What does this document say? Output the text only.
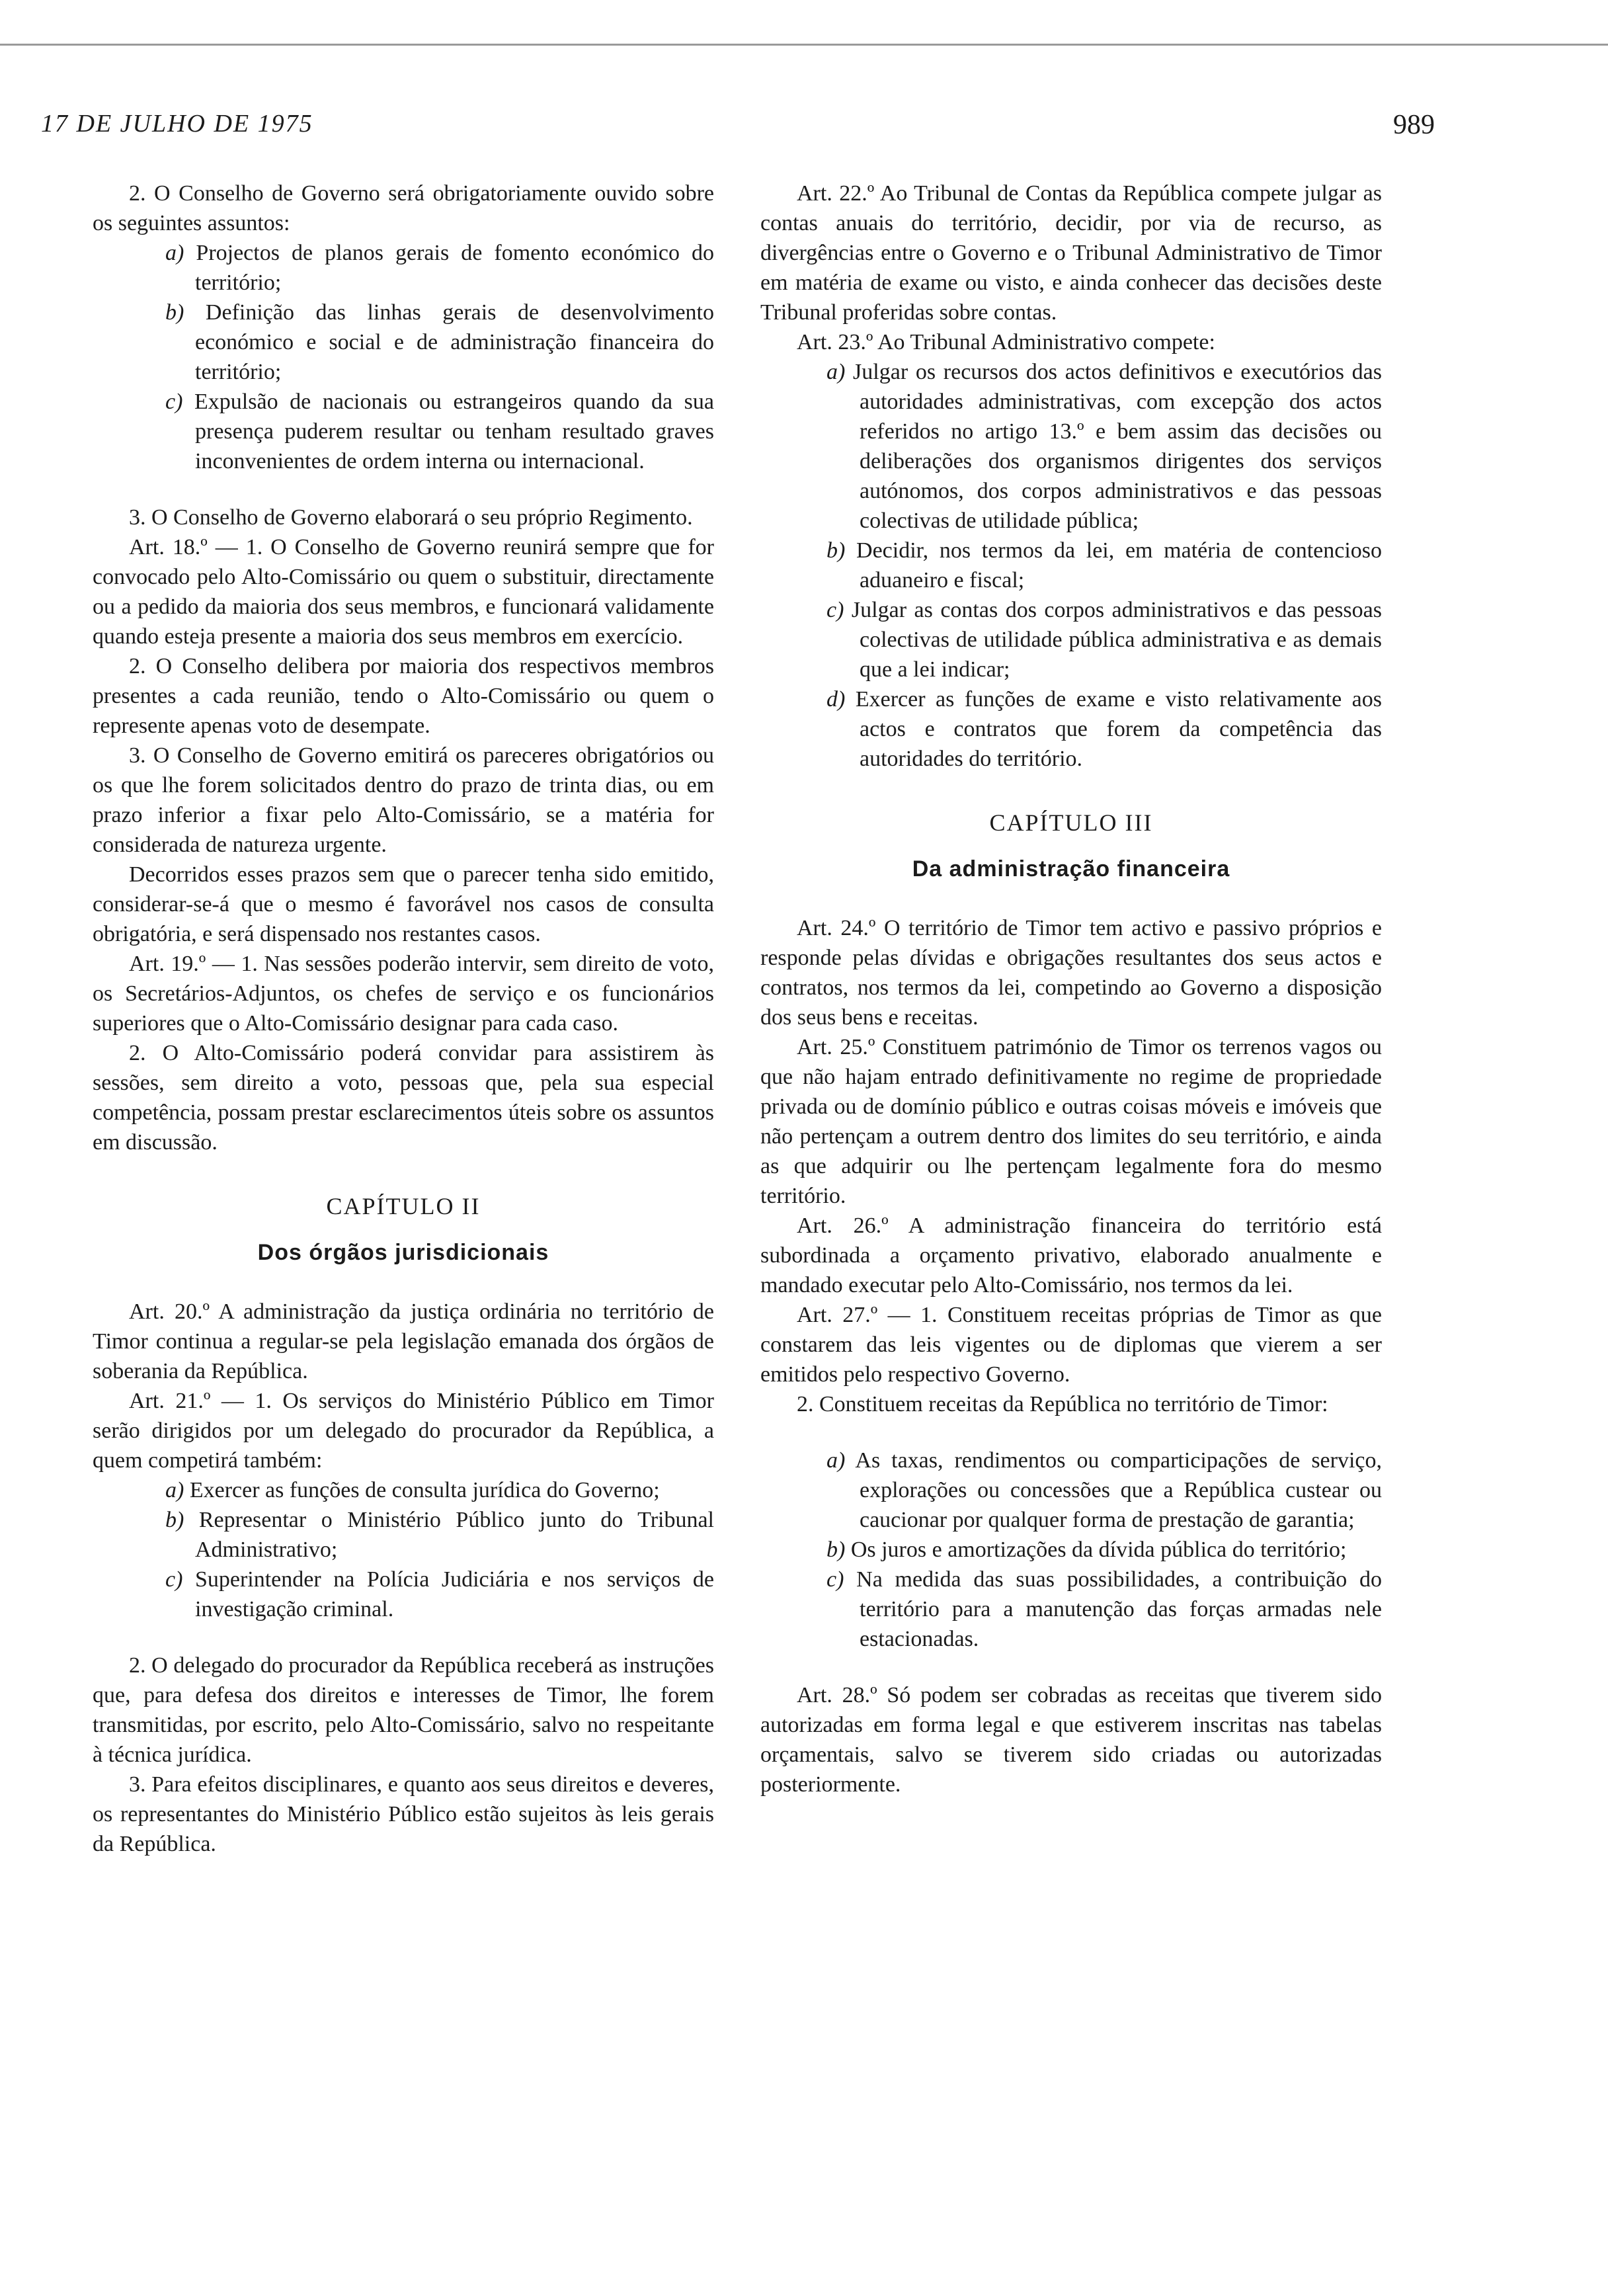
17 DE JULHO DE 1975	989

2. O Conselho de Governo será obrigatoriamente ouvido sobre os seguintes assuntos:

a) Projectos de planos gerais de fomento económico do território;

b) Definição das linhas gerais de desenvolvimento económico e social e de administração financeira do território;

c) Expulsão de nacionais ou estrangeiros quando da sua presença puderem resultar ou tenham resultado graves inconvenientes de ordem interna ou internacional.

3. O Conselho de Governo elaborará o seu próprio Regimento.

Art. 18.º — 1. O Conselho de Governo reunirá sempre que for convocado pelo Alto-Comissário ou quem o substituir, directamente ou a pedido da maioria dos seus membros, e funcionará validamente quando esteja presente a maioria dos seus membros em exercício.

2. O Conselho delibera por maioria dos respectivos membros presentes a cada reunião, tendo o Alto-Comissário ou quem o represente apenas voto de desempate.

3. O Conselho de Governo emitirá os pareceres obrigatórios ou os que lhe forem solicitados dentro do prazo de trinta dias, ou em prazo inferior a fixar pelo Alto-Comissário, se a matéria for considerada de natureza urgente.

Decorridos esses prazos sem que o parecer tenha sido emitido, considerar-se-á que o mesmo é favorável nos casos de consulta obrigatória, e será dispensado nos restantes casos.

Art. 19.º — 1. Nas sessões poderão intervir, sem direito de voto, os Secretários-Adjuntos, os chefes de serviço e os funcionários superiores que o Alto-Comissário designar para cada caso.

2. O Alto-Comissário poderá convidar para assistirem às sessões, sem direito a voto, pessoas que, pela sua especial competência, possam prestar esclarecimentos úteis sobre os assuntos em discussão.

CAPÍTULO II
Dos órgãos jurisdicionais

Art. 20.º A administração da justiça ordinária no território de Timor continua a regular-se pela legislação emanada dos órgãos de soberania da República.

Art. 21.º — 1. Os serviços do Ministério Público em Timor serão dirigidos por um delegado do procurador da República, a quem competirá também:

a) Exercer as funções de consulta jurídica do Governo;

b) Representar o Ministério Público junto do Tribunal Administrativo;

c) Superintender na Polícia Judiciária e nos serviços de investigação criminal.

2. O delegado do procurador da República receberá as instruções que, para defesa dos direitos e interesses de Timor, lhe forem transmitidas, por escrito, pelo Alto-Comissário, salvo no respeitante à técnica jurídica.

3. Para efeitos disciplinares, e quanto aos seus direitos e deveres, os representantes do Ministério Público estão sujeitos às leis gerais da República.

Art. 22.º Ao Tribunal de Contas da República compete julgar as contas anuais do território, decidir, por via de recurso, as divergências entre o Governo e o Tribunal Administrativo de Timor em matéria de exame ou visto, e ainda conhecer das decisões deste Tribunal proferidas sobre contas.

Art. 23.º Ao Tribunal Administrativo compete:

a) Julgar os recursos dos actos definitivos e executórios das autoridades administrativas, com excepção dos actos referidos no artigo 13.º e bem assim das decisões ou deliberações dos organismos dirigentes dos serviços autónomos, dos corpos administrativos e das pessoas colectivas de utilidade pública;

b) Decidir, nos termos da lei, em matéria de contencioso aduaneiro e fiscal;

c) Julgar as contas dos corpos administrativos e das pessoas colectivas de utilidade pública administrativa e as demais que a lei indicar;

d) Exercer as funções de exame e visto relativamente aos actos e contratos que forem da competência das autoridades do território.

CAPÍTULO III
Da administração financeira

Art. 24.º O território de Timor tem activo e passivo próprios e responde pelas dívidas e obrigações resultantes dos seus actos e contratos, nos termos da lei, competindo ao Governo a disposição dos seus bens e receitas.

Art. 25.º Constituem património de Timor os terrenos vagos ou que não hajam entrado definitivamente no regime de propriedade privada ou de domínio público e outras coisas móveis e imóveis que não pertençam a outrem dentro dos limites do seu território, e ainda as que adquirir ou lhe pertençam legalmente fora do mesmo território.

Art. 26.º A administração financeira do território está subordinada a orçamento privativo, elaborado anualmente e mandado executar pelo Alto-Comissário, nos termos da lei.

Art. 27.º — 1. Constituem receitas próprias de Timor as que constarem das leis vigentes ou de diplomas que vierem a ser emitidos pelo respectivo Governo.

2. Constituem receitas da República no território de Timor:

a) As taxas, rendimentos ou comparticipações de serviço, explorações ou concessões que a República custear ou caucionar por qualquer forma de prestação de garantia;

b) Os juros e amortizações da dívida pública do território;

c) Na medida das suas possibilidades, a contribuição do território para a manutenção das forças armadas nele estacionadas.

Art. 28.º Só podem ser cobradas as receitas que tiverem sido autorizadas em forma legal e que estiverem inscritas nas tabelas orçamentais, salvo se tiverem sido criadas ou autorizadas posteriormente.
